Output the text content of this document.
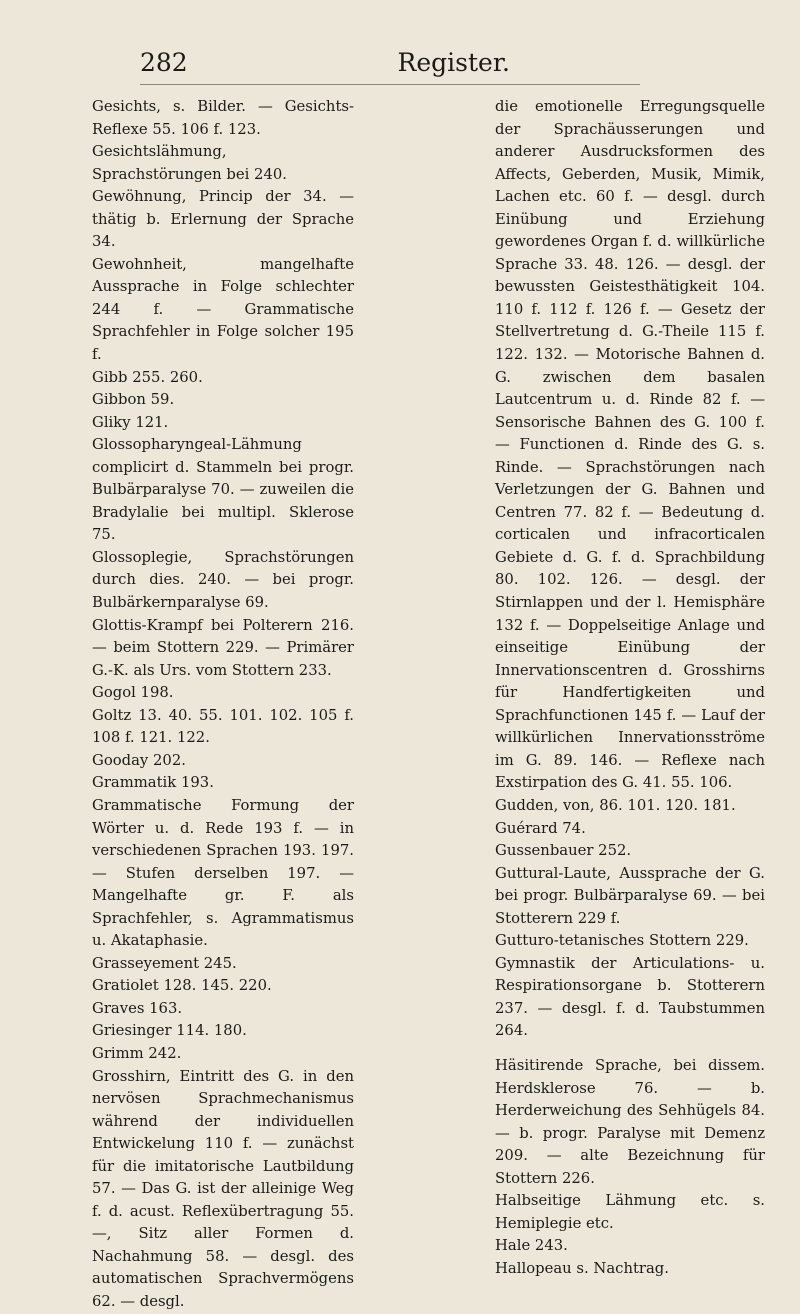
282	Register.

Gesichts, s. Bilder. — Gesichts-Reflexe 55. 106 f. 123.

Gesichtslähmung, Sprachstörungen bei 240.

Gewöhnung, Princip der 34. — thätig b. Erlernung der Sprache 34.

Gewohnheit, mangelhafte Aussprache in Folge schlechter 244 f. — Grammatische Sprachfehler in Folge solcher 195 f.

Gibb 255. 260.

Gibbon 59.

Gliky 121.

Glossopharyngeal-Lähmung complicirt d. Stammeln bei progr. Bulbärparalyse 70. — zuweilen die Bradylalie bei multipl. Sklerose 75.

Glossoplegie, Sprachstörungen durch dies. 240. — bei progr. Bulbärkernparalyse 69.

Glottis-Krampf bei Polterern 216. — beim Stottern 229. — Primärer G.-K. als Urs. vom Stottern 233.

Gogol 198.

Goltz 13. 40. 55. 101. 102. 105 f. 108 f. 121. 122.

Gooday 202.

Grammatik 193.

Grammatische Formung der Wörter u. d. Rede 193 f. — in verschiedenen Sprachen 193. 197. — Stufen derselben 197. — Mangelhafte gr. F. als Sprachfehler, s. Agrammatismus u. Akataphasie.

Grasseyement 245.

Gratiolet 128. 145. 220.

Graves 163.

Griesinger 114. 180.

Grimm 242.

Grosshirn, Eintritt des G. in den nervösen Sprachmechanismus während der individuellen Entwickelung 110 f. — zunächst für die imitatorische Lautbildung 57. — Das G. ist der alleinige Weg f. d. acust. Reflexübertragung 55. —, Sitz aller Formen d. Nachahmung 58. — desgl. des automatischen Sprachvermögens 62. — desgl.

die emotionelle Erregungsquelle der Sprachäusserungen und anderer Ausdrucksformen des Affects, Geberden, Musik, Mimik, Lachen etc. 60 f. — desgl. durch Einübung und Erziehung gewordenes Organ f. d. willkürliche Sprache 33. 48. 126. — desgl. der bewussten Geistesthätigkeit 104. 110 f. 112 f. 126 f. — Gesetz der Stellvertretung d. G.-Theile 115 f. 122. 132. — Motorische Bahnen d. G. zwischen dem basalen Lautcentrum u. d. Rinde 82 f. — Sensorische Bahnen des G. 100 f. — Functionen d. Rinde des G. s. Rinde. — Sprachstörungen nach Verletzungen der G. Bahnen und Centren 77. 82 f. — Bedeutung d. corticalen und infracorticalen Gebiete d. G. f. d. Sprachbildung 80. 102. 126. — desgl. der Stirnlappen und der l. Hemisphäre 132 f. — Doppelseitige Anlage und einseitige Einübung der Innervationscentren d. Grosshirns für Handfertigkeiten und Sprachfunctionen 145 f. — Lauf der willkürlichen Innervationsströme im G. 89. 146. — Reflexe nach Exstirpation des G. 41. 55. 106.

Gudden, von, 86. 101. 120. 181.

Guérard 74.

Gussenbauer 252.

Guttural-Laute, Aussprache der G. bei progr. Bulbärparalyse 69. — bei Stotterern 229 f.

Gutturo-tetanisches Stottern 229.

Gymnastik der Articulations- u. Respirationsorgane b. Stotterern 237. — desgl. f. d. Taubstummen 264.

Häsitirende Sprache, bei dissem. Herdsklerose 76. — b. Herderweichung des Sehhügels 84. — b. progr. Paralyse mit Demenz 209. — alte Bezeichnung für Stottern 226.

Halbseitige Lähmung etc. s. Hemiplegie etc.

Hale 243.

Hallopeau s. Nachtrag.
